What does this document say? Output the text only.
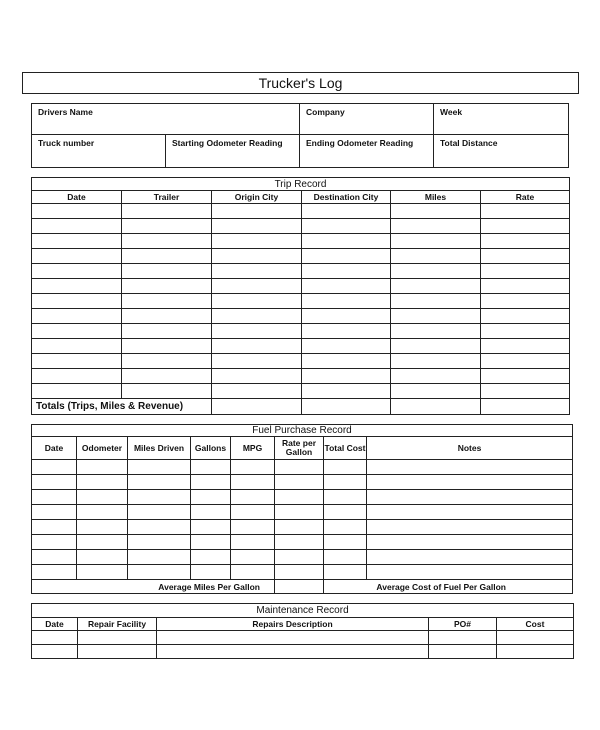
Trucker's Log
Drivers Name		Company	Week
Truck number	Starting Odometer Reading	Ending Odometer Reading	Total Distance
Trip Record					
Date	Trailer	Origin City	Destination City	Miles	Rate

Totals (Trips, Miles & Revenue)					
Fuel Purchase Record							
Date	Odometer	Miles Driven	Gallons	MPG	Rate per Gallon	Total Cost	Notes

Average Miles Per Gallon						Average Cost of Fuel Per Gallon	
Maintenance Record				
Date	Repair Facility	Repairs Description	PO#	Cost
